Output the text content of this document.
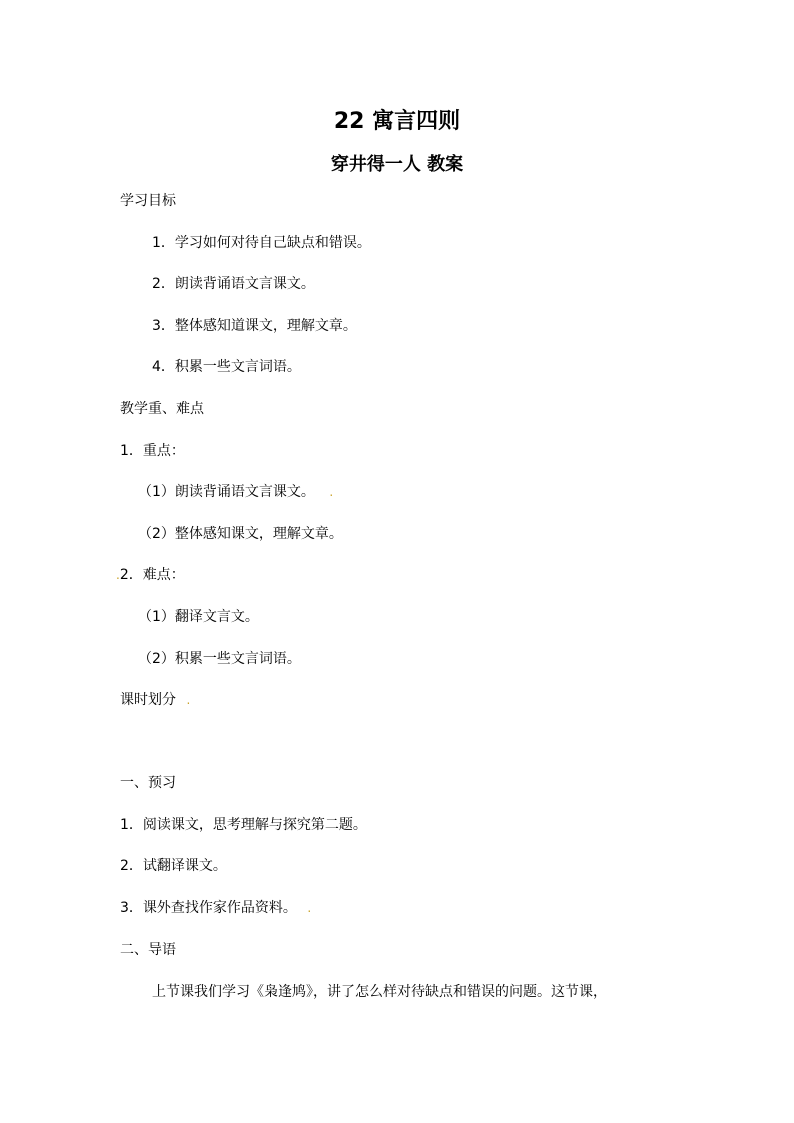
22 寓言四则
穿井得一人 教案
学习目标
1．学习如何对待自己缺点和错误。
2．朗读背诵语文言课文。
3．整体感知道课文，理解文章。
4．积累一些文言词语。
教学重、难点
1．重点：
（1）朗读背诵语文言课文。 .
（2）整体感知课文，理解文章。
.2．难点：
（1）翻译文言文。
（2）积累一些文言词语。
课时划分 .
一、预习
1．阅读课文，思考理解与探究第二题。
2．试翻译课文。
3．课外查找作家作品资料。 .
二、导语
上节课我们学习《枭逢鸠》，讲了怎么样对待缺点和错误的问题。这节课，
